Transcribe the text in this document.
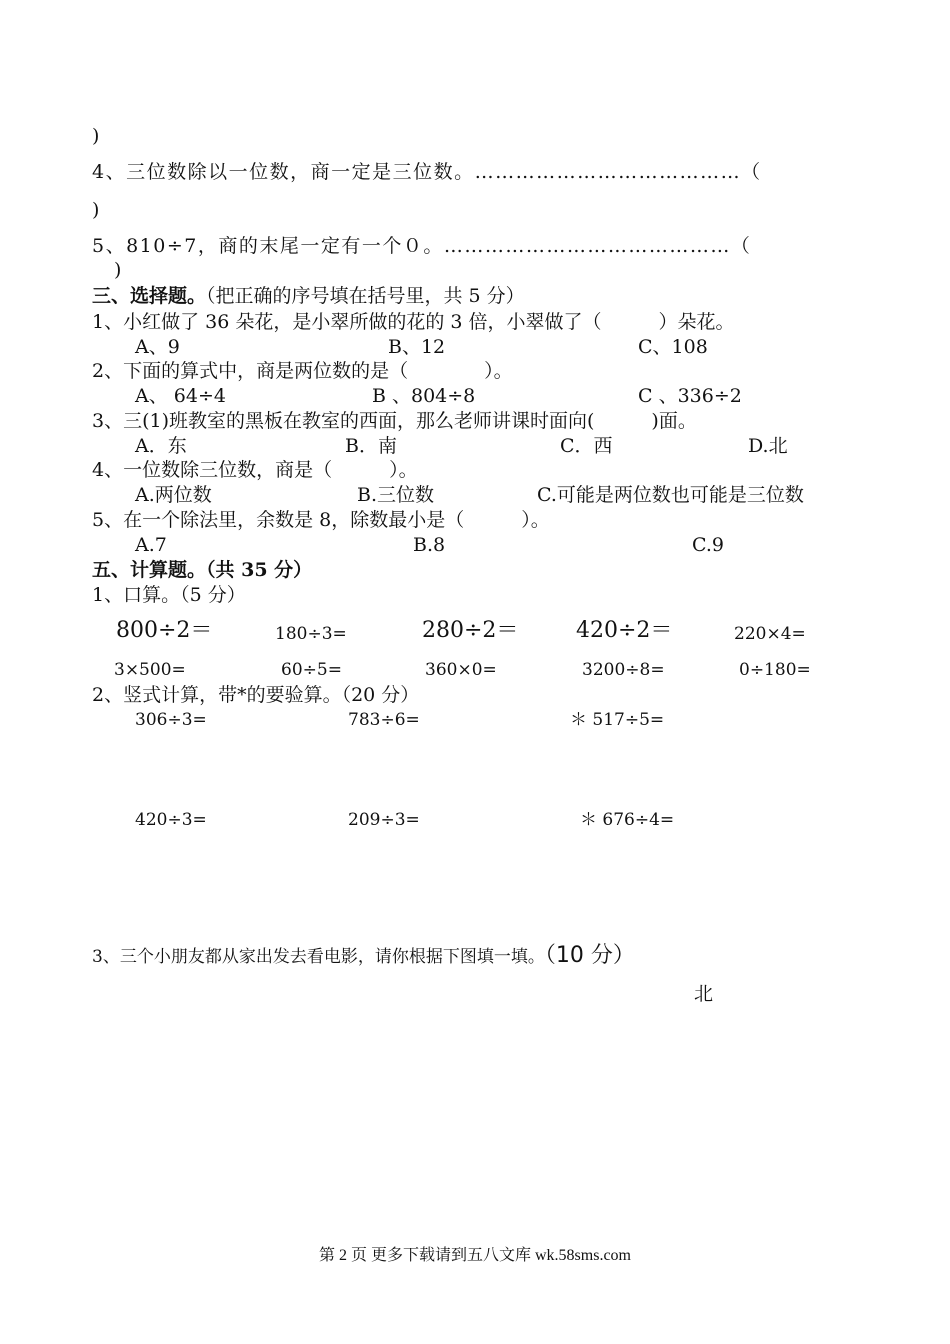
)
4、三位数除以一位数，商一定是三位数。…………………………………（
)
5、810÷7，商的末尾一定有一个０。……………………………………（
)
三、选择题。（把正确的序号填在括号里，共 5 分）
1、小红做了 36 朵花，是小翠所做的花的 3 倍，小翠做了（　　　）朵花。
A、9	B、12	C、108
2、下面的算式中，商是两位数的是（　　　　）。
A、 64÷4	B 、804÷8	C 、336÷2
3、三(1)班教室的黑板在教室的西面，那么老师讲课时面向(　　　)面。
A．东	B．南	C．西	D.北
4、一位数除三位数，商是（　　　）。
A.两位数	B.三位数	C.可能是两位数也可能是三位数
5、在一个除法里，余数是 8，除数最小是（　　　）。
A.7	B.8	C.9
五、计算题。（共 35 分）
1、口算。（5 分）
800÷2＝	180÷3=	280÷2＝	420÷2＝	220×4=
3×500=	60÷5=	360×0=	3200÷8=	0÷180=
2、竖式计算，带*的要验算。（20 分）
306÷3=	783÷6=	＊ 517÷5=
420÷3=	209÷3=	＊ 676÷4=
3、三个小朋友都从家出发去看电影，请你根据下图填一填。（10 分）
北
第 2 页 更多下载请到五八文库 wk.58sms.com
